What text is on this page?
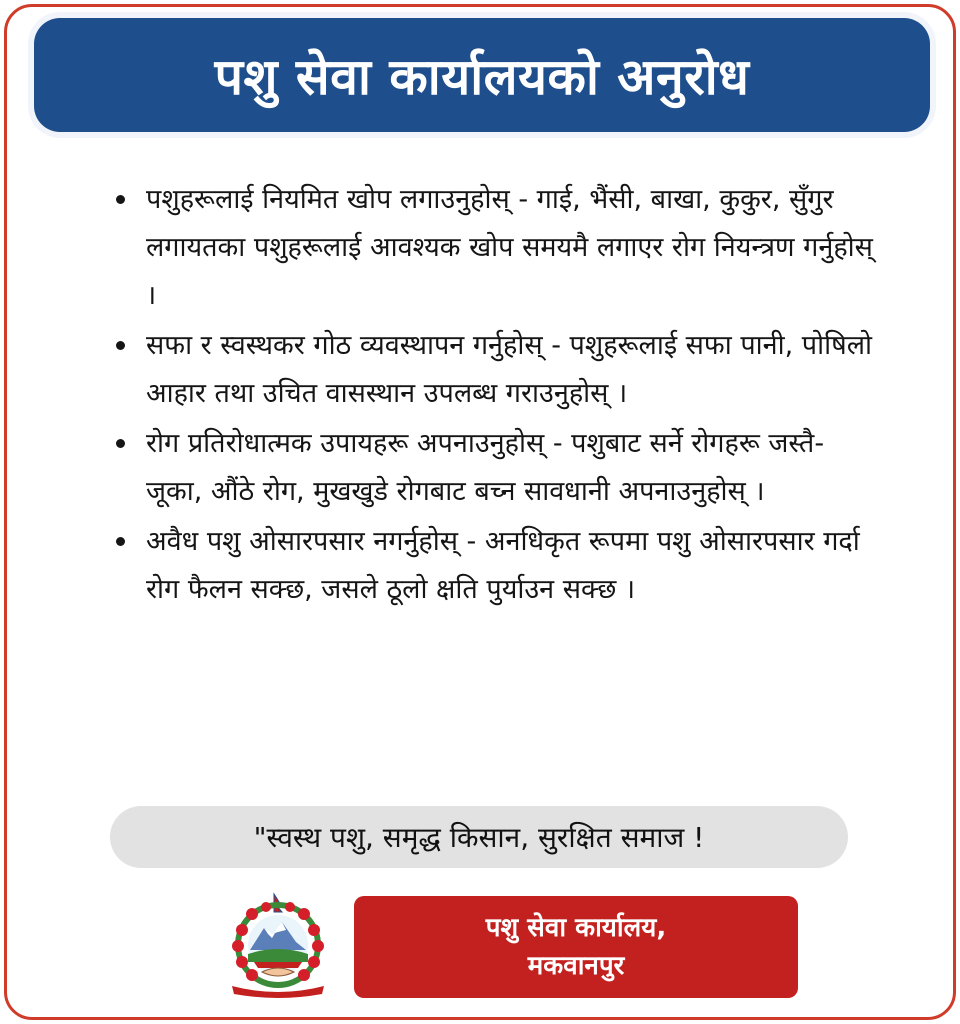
पशु सेवा कार्यालयको अनुरोध
पशुहरूलाई नियमित खोप लगाउनुहोस् - गाई, भैंसी, बाखा, कुकुर, सुँगुर लगायतका पशुहरूलाई आवश्यक खोप समयमै लगाएर रोग नियन्त्रण गर्नुहोस् ।
सफा र स्वस्थकर गोठ व्यवस्थापन गर्नुहोस् - पशुहरूलाई सफा पानी, पोषिलो आहार तथा उचित वासस्थान उपलब्ध गराउनुहोस् ।
रोग प्रतिरोधात्मक उपायहरू अपनाउनुहोस् - पशुबाट सर्ने रोगहरू जस्तै- जूका, औंठे रोग, मुखखुडे रोगबाट बच्न सावधानी अपनाउनुहोस् ।
अवैध पशु ओसारपसार नगर्नुहोस् - अनधिकृत रूपमा पशु ओसारपसार गर्दा रोग फैलन सक्छ, जसले ठूलो क्षति पुर्याउन सक्छ ।
"स्वस्थ पशु, समृद्ध किसान, सुरक्षित समाज !
पशु सेवा कार्यालय,
मकवानपुर
